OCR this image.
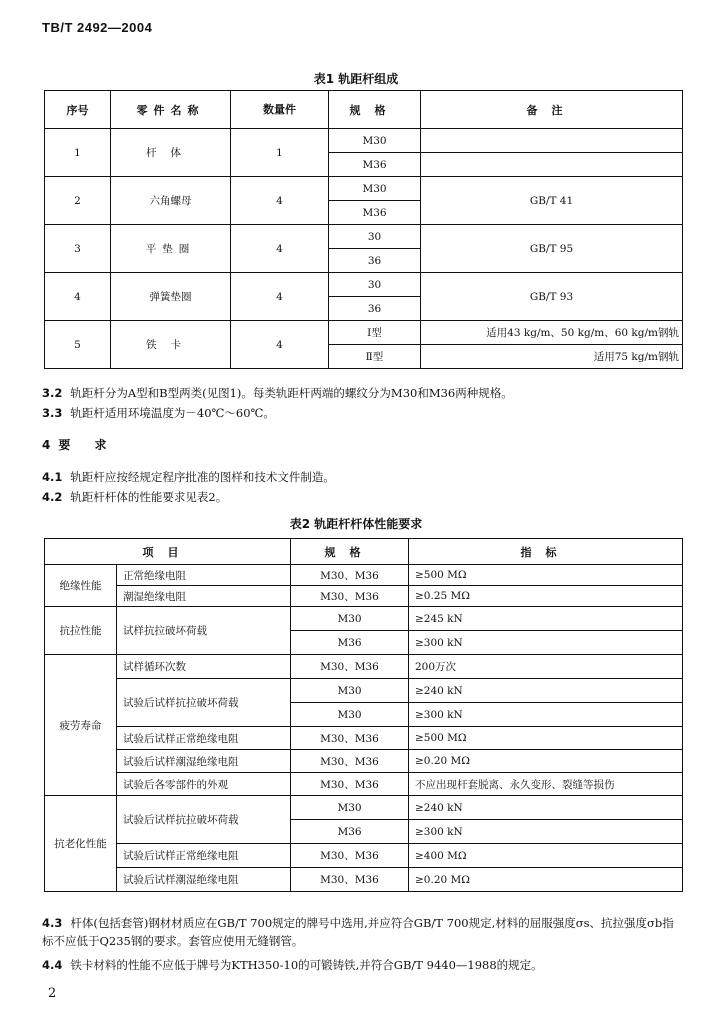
TB/T 2492—2004
表1 轨距杆组成
序号	零件名称	数量件	规格	备注
1	杆体	1	M30	
			M36	
2	六角螺母	4	M30	GB/T 41
			M36	
3	平垫圈	4	30	GB/T 95
			36	
4	弹簧垫圈	4	30	GB/T 93
			36	
5	铁卡	4	Ⅰ型	适用43 kg/m、50 kg/m、60 kg/m钢轨
			Ⅱ型	适用75 kg/m钢轨
3.2 轨距杆分为A型和B型两类(见图1)。每类轨距杆两端的螺纹分为M30和M36两种规格。
3.3 轨距杆适用环境温度为－40℃～60℃。
4 要 求
4.1 轨距杆应按经规定程序批准的图样和技术文件制造。
4.2 轨距杆杆体的性能要求见表2。
表2 轨距杆杆体性能要求
项目		规格	指标
绝缘性能	正常绝缘电阻	M30、M36	≥500 MΩ
	潮湿绝缘电阻	M30、M36	≥0.25 MΩ
抗拉性能	试样抗拉破坏荷载	M30	≥245 kN
		M36	≥300 kN
疲劳寿命	试样循环次数	M30、M36	200万次
	试验后试样抗拉破坏荷载	M30	≥240 kN
		M30	≥300 kN
	试验后试样正常绝缘电阻	M30、M36	≥500 MΩ
	试验后试样潮湿绝缘电阻	M30、M36	≥0.20 MΩ
	试验后各零部件的外观	M30、M36	不应出现杆套脱离、永久变形、裂缝等损伤
抗老化性能	试验后试样抗拉破坏荷载	M30	≥240 kN
		M36	≥300 kN
	试验后试样正常绝缘电阻	M30、M36	≥400 MΩ
	试验后试样潮湿绝缘电阻	M30、M36	≥0.20 MΩ
4.3 杆体(包括套管)钢材材质应在GB/T 700规定的牌号中选用,并应符合GB/T 700规定,材料的屈服强度σs、抗拉强度σb指标不应低于Q235钢的要求。套管应使用无缝钢管。
4.4 铁卡材料的性能不应低于牌号为KTH350-10的可锻铸铁,并符合GB/T 9440—1988的规定。
2
